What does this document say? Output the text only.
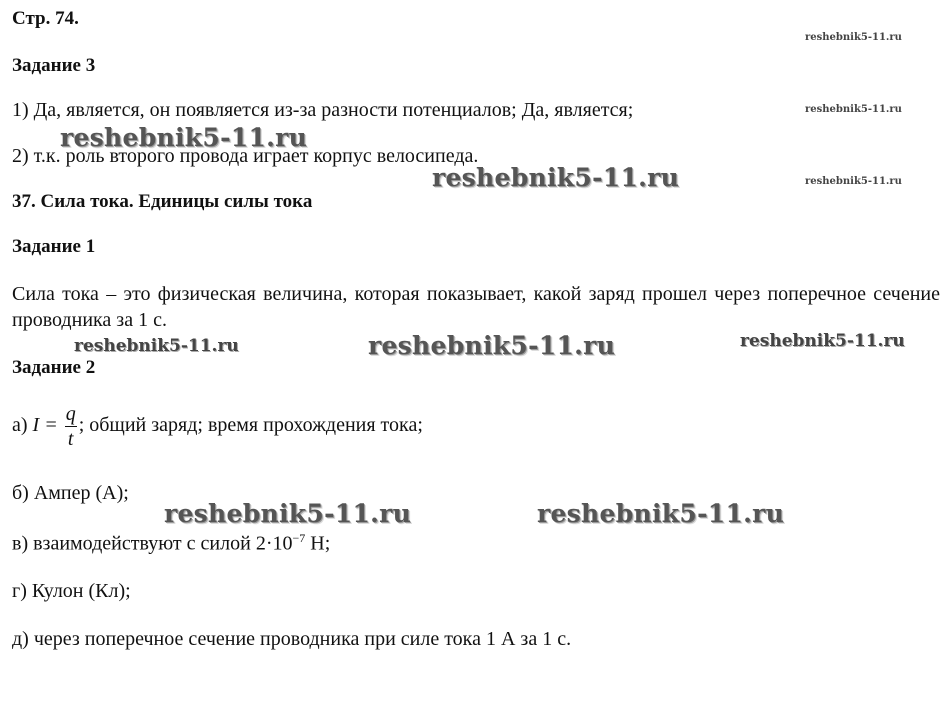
Стр. 74.
Задание 3
1) Да, является, он появляется из-за разности потенциалов; Да, является;
2) т.к. роль второго провода играет корпус велосипеда.
37. Сила тока. Единицы силы тока
Задание 1
Сила тока – это физическая величина, которая показывает, какой заряд прошел через поперечное сечение проводника за 1 с.
Задание 2
а) $I = \frac{q}{t}$ ; общий заряд; время прохождения тока;
б) Ампер (А);
в) взаимодействуют с силой $2\cdot 10^{-7}$ Н;
г) Кулон (Кл);
д) через поперечное сечение проводника при силе тока 1 А за 1 с.
reshebnik5-11.ru
reshebnik5-11.ru
reshebnik5-11.ru
reshebnik5-11.ru
reshebnik5-11.ru
reshebnik5-11.ru	reshebnik5-11.ru	reshebnik5-11.ru
reshebnik5-11.ru	reshebnik5-11.ru
